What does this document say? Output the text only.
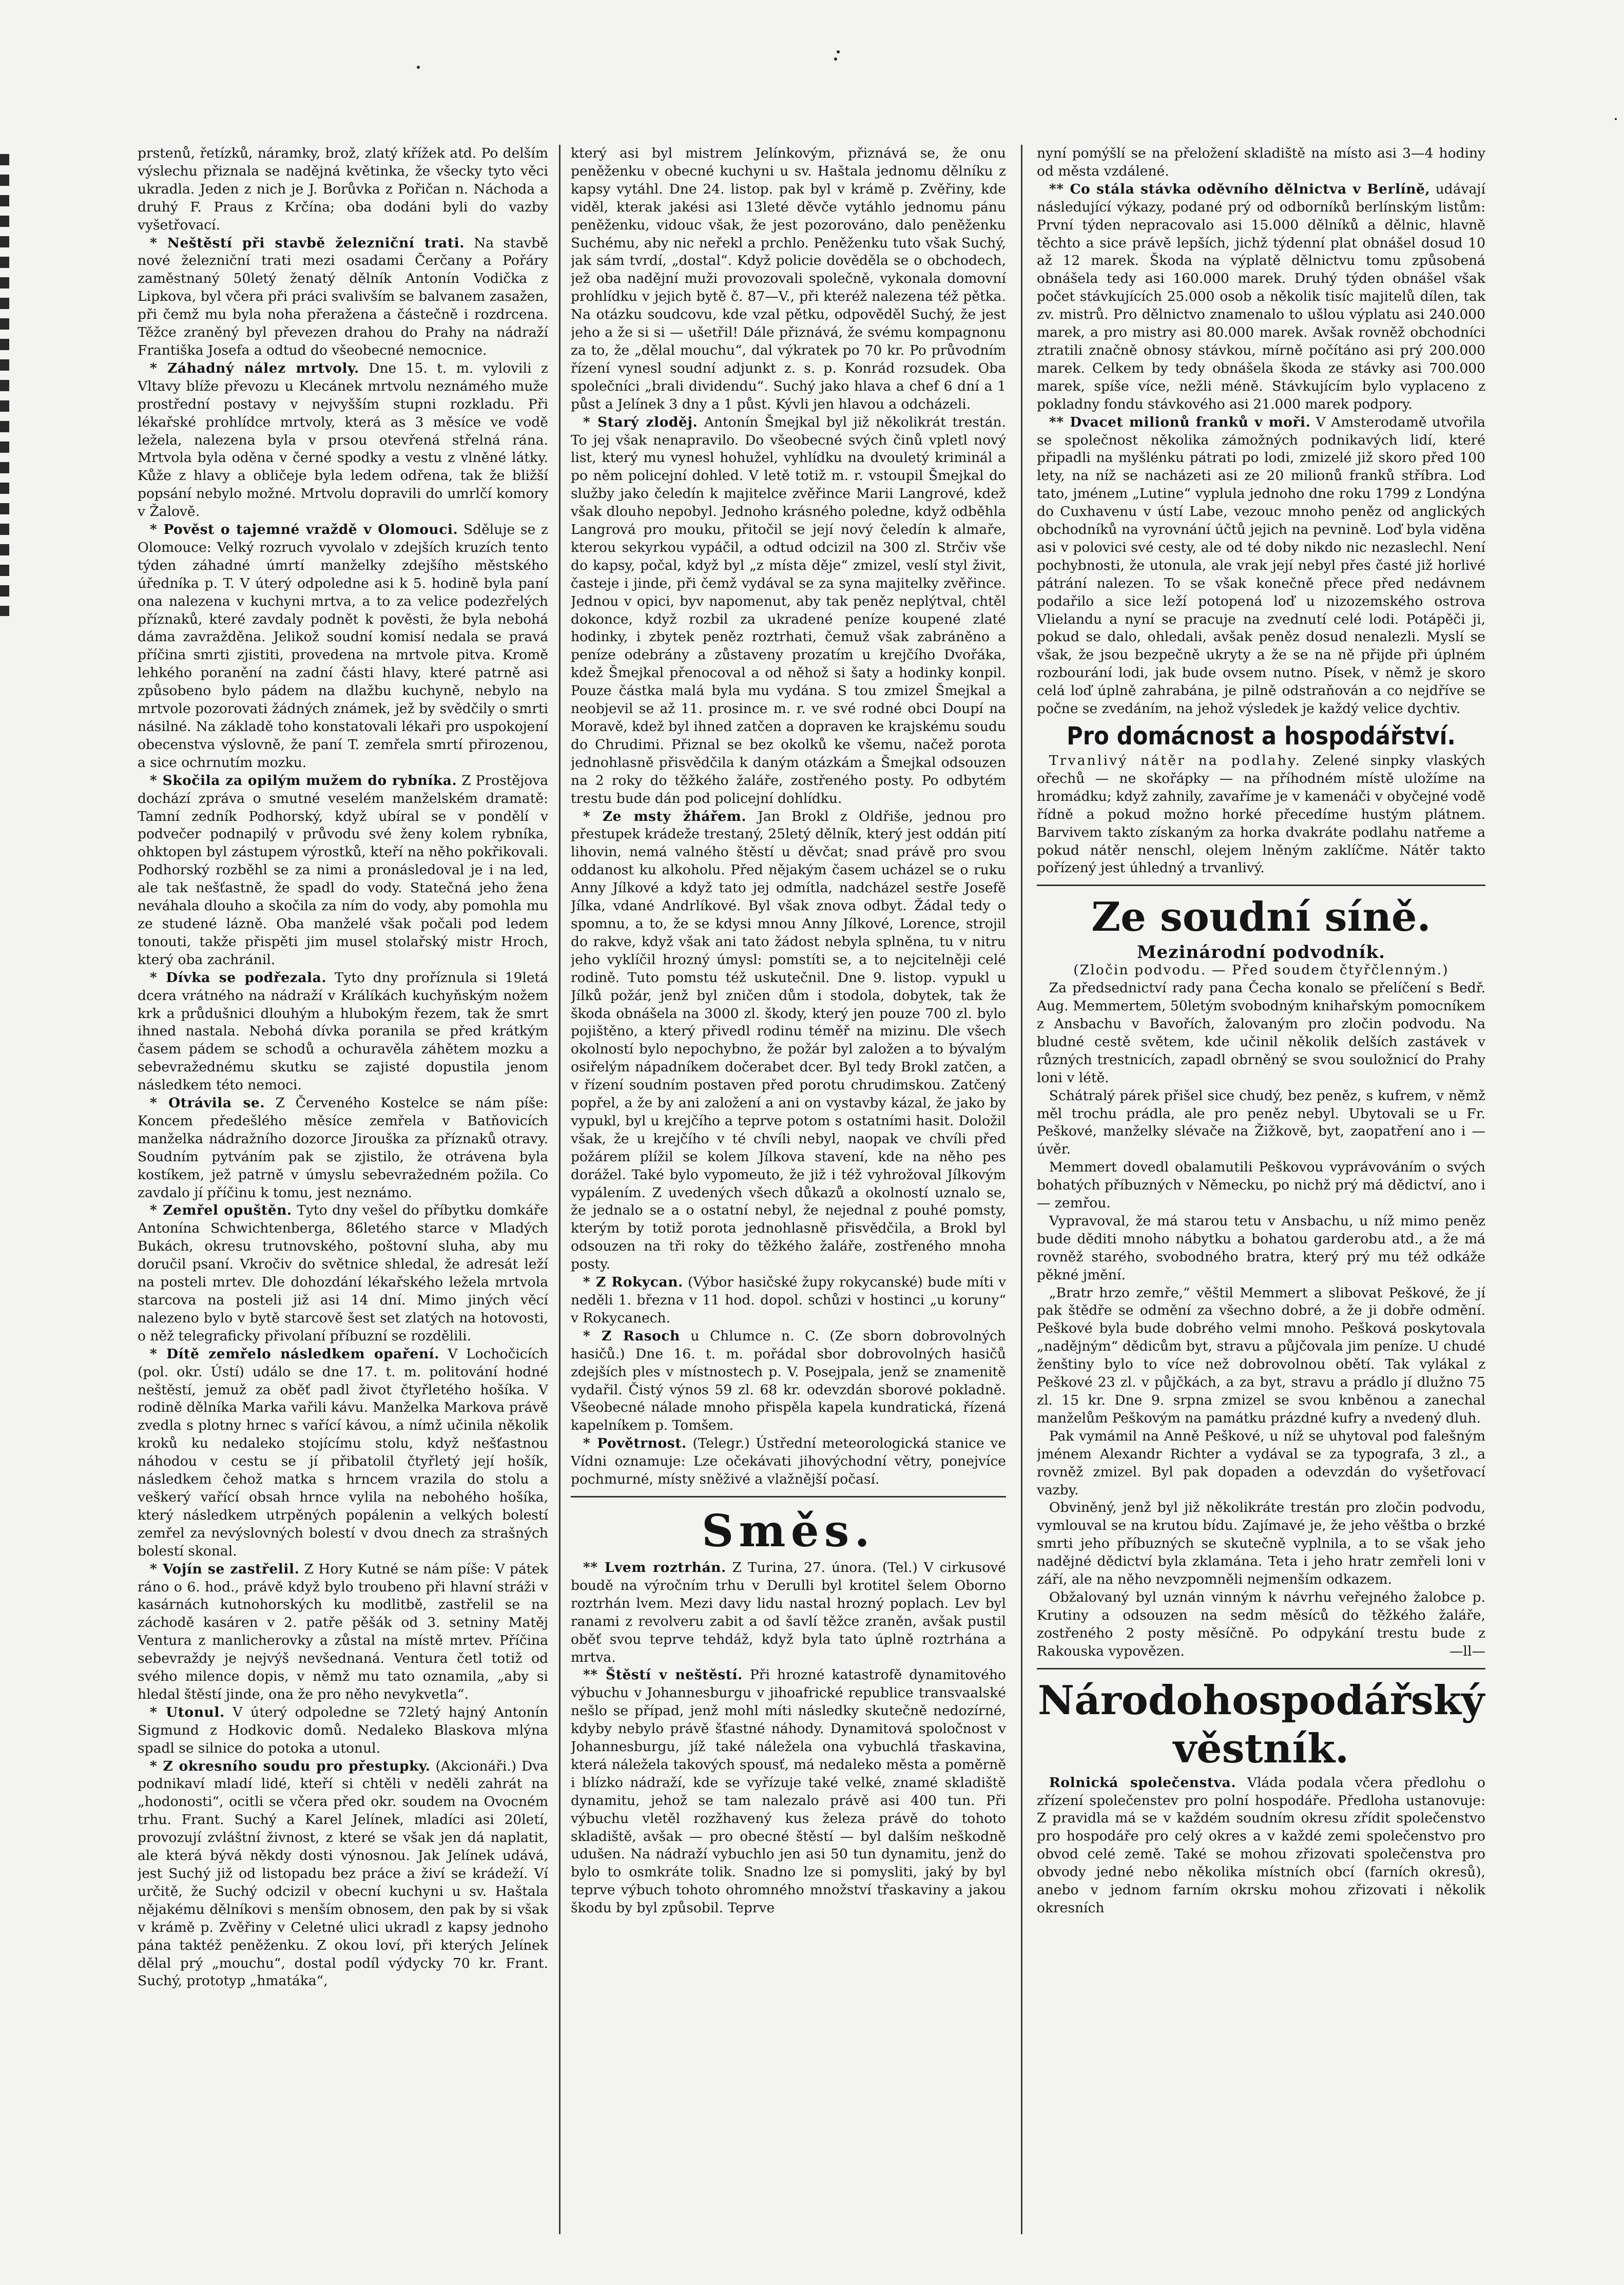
prstenů, řetízků, náramky, brož, zlatý křížek atd. Po delším výslechu přiznala se nadějná květinka, že všecky tyto věci ukradla. Jeden z nich je J. Borůvka z Pořičan n. Náchoda a druhý F. Praus z Krčína; oba dodáni byli do vazby vyšetřovací.

* Neštěstí při stavbě železniční trati. Na stavbě nové železniční trati mezi osadami Čerčany a Pořáry zaměstnaný 50letý ženatý dělník Antonín Vodička z Lipkova, byl včera při práci svalivším se balvanem zasažen, při čemž mu byla noha přeražena a částečně i rozdrcena. Těžce zraněný byl převezen drahou do Prahy na nádraží Františka Josefa a odtud do všeobecné nemocnice.

* Záhadný nález mrtvoly. Dne 15. t. m. vylovili z Vltavy blíže převozu u Klecánek mrtvolu neznámého muže prostřední postavy v nejvyšším stupni rozkladu. Při lékařské prohlídce mrtvoly, která as 3 měsíce ve vodě ležela, nalezena byla v prsou otevřená střelná rána. Mrtvola byla oděna v černé spodky a vestu z vlněné látky. Kůže z hlavy a obličeje byla ledem odřena, tak že bližší popsání nebylo možné. Mrtvolu dopravili do umrlčí komory v Žalově.

* Pověst o tajemné vraždě v Olomouci. Sděluje se z Olomouce: Velký rozruch vyvolalo v zdejších kruzích tento týden záhadné úmrtí manželky zdejšího městského úředníka p. T. V úterý odpoledne asi k 5. hodině byla paní ona nalezena v kuchyni mrtva, a to za velice podezřelých příznaků, které zavdaly podnět k pověsti, že byla nebohá dáma zavražděna. Jelikož soudní komisí nedala se pravá příčina smrti zjistiti, provedena na mrtvole pitva. Kromě lehkého poranění na zadní části hlavy, které patrně asi způsobeno bylo pádem na dlažbu kuchyně, nebylo na mrtvole pozorovati žádných známek, jež by svědčily o smrti násilné. Na základě toho konstatovali lékaři pro uspokojení obecenstva výslovně, že paní T. zemřela smrtí přirozenou, a sice ochrnutím mozku.

* Skočila za opilým mužem do rybníka. Z Prostějova dochází zpráva o smutné veselém manželském dramatě: Tamní zedník Podhorský, když ubíral se v pondělí v podvečer podnapilý v průvodu své ženy kolem rybníka, ohktopen byl zástupem výrostků, kteří na něho pokřikovali. Podhorský rozběhl se za nimi a pronásledoval je i na led, ale tak nešťastně, že spadl do vody. Statečná jeho žena neváhala dlouho a skočila za ním do vody, aby pomohla mu ze studené lázně. Oba manželé však počali pod ledem tonouti, takže přispěti jim musel stolařský mistr Hroch, který oba zachránil.

* Dívka se podřezala. Tyto dny proříznula si 19letá dcera vrátného na nádraží v Králíkách kuchyňským nožem krk a průdušnici dlouhým a hlubokým řezem, tak že smrt ihned nastala. Nebohá dívka poranila se před krátkým časem pádem se schodů a ochuravěla záhětem mozku a sebevražednému skutku se zajisté dopustila jenom následkem této nemoci.

* Otrávila se. Z Červeného Kostelce se nám píše: Koncem předešlého měsíce zemřela v Batňovicích manželka nádražního dozorce Jirouška za příznaků otravy. Soudním pytváním pak se zjistilo, že otrávena byla kostíkem, jež patrně v úmyslu sebevražedném požila. Co zavdalo jí příčinu k tomu, jest neznámo.

* Zemřel opuštěn. Tyto dny vešel do příbytku domkáře Antonína Schwichtenberga, 86letého starce v Mladých Bukách, okresu trutnovského, poštovní sluha, aby mu doručil psaní. Vkročiv do světnice shledal, že adresát leží na posteli mrtev. Dle dohozdání lékařského ležela mrtvola starcova na posteli již asi 14 dní. Mimo jiných věcí nalezeno bylo v bytě starcově šest set zlatých na hotovosti, o něž telegraficky přivolaní příbuzní se rozdělili.

* Dítě zemřelo následkem opaření. V Lochočicích (pol. okr. Ústí) událo se dne 17. t. m. politování hodné neštěstí, jemuž za oběť padl život čtyřletého hošíka. V rodině dělníka Marka vařili kávu. Manželka Markova právě zvedla s plotny hrnec s vařící kávou, a nímž učinila několik kroků ku nedaleko stojícímu stolu, když nešťastnou náhodou v cestu se jí přibatolil čtyřletý její hošík, následkem čehož matka s hrncem vrazila do stolu a veškerý vařící obsah hrnce vylila na nebohého hošíka, který následkem utrpěných popálenin a velkých bolestí zemřel za nevýslovných bolestí v dvou dnech za strašných bolestí skonal.

* Vojín se zastřelil. Z Hory Kutné se nám píše: V pátek ráno o 6. hod., právě když bylo troubeno při hlavní stráži v kasárnách kutnohorských ku modlitbě, zastřelil se na záchodě kasáren v 2. patře pěšák od 3. setniny Matěj Ventura z manlicherovky a zůstal na místě mrtev. Příčina sebevraždy je nejvýš nevšednaná. Ventura četl totiž od svého milence dopis, v němž mu tato oznamila, „aby si hledal štěstí jinde, ona že pro něho nevykvetla“.

* Utonul. V úterý odpoledne se 72letý hajný Antonín Sigmund z Hodkovic domů. Nedaleko Blaskova mlýna spadl se silnice do potoka a utonul.

* Z okresního soudu pro přestupky. (Akcionáři.) Dva podnikaví mladí lidé, kteří si chtěli v neděli zahrát na „hodonosti“, ocitli se včera před okr. soudem na Ovocném trhu. Frant. Suchý a Karel Jelínek, mladíci asi 20letí, provozují zvláštní živnost, z které se však jen dá naplatit, ale která bývá někdy dosti výnosnou. Jak Jelínek udává, jest Suchý již od listopadu bez práce a živí se krádeží. Ví určitě, že Suchý odcizil v obecní kuchyni u sv. Haštala nějakému dělníkovi s menším obnosem, den pak by si však v krámě p. Zvěřiny v Celetné ulici ukradl z kapsy jednoho pána taktéž peněženku. Z okou loví, při kterých Jelínek dělal prý „mouchu“, dostal podíl výdycky 70 kr. Frant. Suchý, prototyp „hmatáka“,

který asi byl mistrem Jelínkovým, přiznává se, že onu peněženku v obecné kuchyni u sv. Haštala jednomu dělníku z kapsy vytáhl. Dne 24. listop. pak byl v krámě p. Zvěřiny, kde viděl, kterak jakési asi 13leté děvče vytáhlo jednomu pánu peněženku, vidouc však, že jest pozorováno, dalo peněženku Suchému, aby nic neřekl a prchlo. Peněženku tuto však Suchý, jak sám tvrdí, „dostal“. Když policie dověděla se o obchodech, jež oba nadějní muži provozovali společně, vykonala domovní prohlídku v jejich bytě č. 87—V., při kteréž nalezena též pětka. Na otázku soudcovu, kde vzal pětku, odpověděl Suchý, že jest jeho a že si si — ušetřil! Dále přiznává, že svému kompagnonu za to, že „dělal mouchu“, dal výkratek po 70 kr. Po průvodním řízení vynesl soudní adjunkt z. s. p. Konrád rozsudek. Oba společníci „brali dividendu“. Suchý jako hlava a chef 6 dní a 1 půst a Jelínek 3 dny a 1 půst. Kývli jen hlavou a odcházeli.

* Starý zloděj. Antonín Šmejkal byl již několikrát trestán. To jej však nenapravilo. Do všeobecné svých činů vpletl nový list, který mu vynesl hohužel, vyhlídku na dvouletý kriminál a po něm policejní dohled. V letě totiž m. r. vstoupil Šmejkal do služby jako čeledín k majitelce zvěřince Marii Langrové, kdež však dlouho nepobyl. Jednoho krásného poledne, když odběhla Langrová pro mouku, přitočil se její nový čeledín k almaře, kterou sekyrkou vypáčil, a odtud odcizil na 300 zl. Strčiv vše do kapsy, počal, když byl „z místa děje“ zmizel, veslí styl živit, časteje i jinde, při čemž vydával se za syna majitelky zvěřince. Jednou v opici, byv napomenut, aby tak peněz neplýtval, chtěl dokonce, když rozbil za ukradené peníze koupené zlaté hodinky, i zbytek peněz roztrhati, čemuž však zabráněno a peníze odebrány a zůstaveny prozatím u krejčího Dvořáka, kdež Šmejkal přenocoval a od něhož si šaty a hodinky konpil. Pouze částka malá byla mu vydána. S tou zmizel Šmejkal a neobjevil se až 11. prosince m. r. ve své rodné obci Doupí na Moravě, kdež byl ihned zatčen a dopraven ke krajskému soudu do Chrudimi. Přiznal se bez okolků ke všemu, načež porota jednohlasně přisvědčila k daným otázkám a Šmejkal odsouzen na 2 roky do těžkého žaláře, zostřeného posty. Po odbytém trestu bude dán pod policejní dohlídku.

* Ze msty žhářem. Jan Brokl z Oldřiše, jednou pro přestupek krádeže trestaný, 25letý dělník, který jest oddán pití lihovin, nemá valného štěstí u děvčat; snad právě pro svou oddanost ku alkoholu. Před nějakým časem ucházel se o ruku Anny Jílkové a když tato jej odmítla, nadcházel sestře Josefě Jílka, vdané Andrlíkové. Byl však znova odbyt. Žádal tedy o spomnu, a to, že se kdysi mnou Anny Jílkové, Lorence, strojil do rakve, když však ani tato žádost nebyla splněna, tu v nitru jeho vyklíčil hrozný úmysl: pomstíti se, a to nejcitelněji celé rodině. Tuto pomstu též uskutečnil. Dne 9. listop. vypukl u Jílků požár, jenž byl zničen dům i stodola, dobytek, tak že škoda obnášela na 3000 zl. škody, který jen pouze 700 zl. bylo pojištěno, a který přivedl rodinu téměř na mizinu. Dle všech okolností bylo nepochybno, že požár byl založen a to bývalým osiřelým nápadníkem dočerabet dcer. Byl tedy Brokl zatčen, a v řízení soudním postaven před porotu chrudimskou. Zatčený popřel, a že by ani založení a ani on vystavby kázal, že jako by vypukl, byl u krejčího a teprve potom s ostatními hasit. Doložil však, že u krejčího v té chvíli nebyl, naopak ve chvíli před požárem plížil se kolem Jílkova stavení, kde na něho pes dorážel. Také bylo vypomeuto, že již i též vyhrožoval Jílkovým vypálením. Z uvedených všech důkazů a okolností uznalo se, že jednalo se a o ostatní nebyl, že nejednal z pouhé pomsty, kterým by totiž porota jednohlasně přisvědčila, a Brokl byl odsouzen na tři roky do těžkého žaláře, zostřeného mnoha posty.

* Z Rokycan. (Výbor hasičské župy rokycanské) bude míti v neděli 1. března v 11 hod. dopol. schůzi v hostinci „u koruny“ v Rokycanech.

* Z Rasoch u Chlumce n. C. (Ze sborn dobrovolných hasičů.) Dne 16. t. m. pořádal sbor dobrovolných hasičů zdejších ples v místnostech p. V. Posejpala, jenž se znamenitě vydařil. Čistý výnos 59 zl. 68 kr. odevzdán sborové pokladně. Všeobecné nálade mnoho přispěla kapela kundratická, řízená kapelníkem p. Tomšem.

* Povětrnost. (Telegr.) Ústřední meteorologická stanice ve Vídni oznamuje: Lze očekávati jihovýchodní větry, ponejvíce pochmurné, místy sněživé a vlažnější počasí.

Směs.

** Lvem roztrhán. Z Turina, 27. února. (Tel.) V cirkusové boudě na výročním trhu v Derulli byl krotitel šelem Oborno roztrhán lvem. Mezi davy lidu nastal hrozný poplach. Lev byl ranami z revolveru zabit a od šavlí těžce zraněn, avšak pustil oběť svou teprve tehdáž, když byla tato úplně roztrhána a mrtva.

** Štěstí v neštěstí. Při hrozné katastrofě dynamitového výbuchu v Johannesburgu v jihoafrické republice transvaalské nešlo se případ, jenž mohl míti následky skutečně nedozírné, kdyby nebylo právě šťastné náhody. Dynamitová spoločnost v Johannesburgu, jíž také náležela ona vybuchlá třaskavina, která náležela takových spousť, má nedaleko města a poměrně i blízko nádraží, kde se vyřízuje také velké, znamé skladiště dynamitu, jehož se tam nalezalo právě asi 400 tun. Při výbuchu vletěl rozžhavený kus železa právě do tohoto skladiště, avšak — pro obecné štěstí — byl dalším neškodně udušen. Na nádraží vybuchlo jen asi 50 tun dynamitu, jenž do bylo to osmkráte tolik. Snadno lze si pomysliti, jaký by byl teprve výbuch tohoto ohromného množství třaskaviny a jakou škodu by byl způsobil. Teprve

nyní pomýšlí se na přeložení skladiště na místo asi 3—4 hodiny od města vzdálené.

** Co stála stávka oděvního dělnictva v Berlíně, udávají následující výkazy, podané prý od odborníků berlínským listům: První týden nepracovalo asi 15.000 dělníků a dělnic, hlavně těchto a sice právě lepších, jichž týdenní plat obnášel dosud 10 až 12 marek. Škoda na výplatě dělnictvu tomu způsobená obnášela tedy asi 160.000 marek. Druhý týden obnášel však počet stávkujících 25.000 osob a několik tisíc majitelů dílen, tak zv. mistrů. Pro dělnictvo znamenalo to ušlou výplatu asi 240.000 marek, a pro mistry asi 80.000 marek. Avšak rovněž obchodníci ztratili značně obnosy stávkou, mírně počítáno asi prý 200.000 marek. Celkem by tedy obnášela škoda ze stávky asi 700.000 marek, spíše více, nežli méně. Stávkujícím bylo vyplaceno z pokladny fondu stávkového asi 21.000 marek podpory.

** Dvacet milionů franků v moři. V Amsterodamě utvořila se společnost několika zámožných podnikavých lidí, které připadli na myšlénku pátrati po lodi, zmizelé již skoro před 100 lety, na níž se nacházeti asi ze 20 milionů franků stříbra. Loď tato, jménem „Lutine“ vyplula jednoho dne roku 1799 z Londýna do Cuxhavenu v ústí Labe, vezouc mnoho peněz od anglických obchodníků na vyrovnání účtů jejich na pevnině. Loď byla viděna asi v polovici své cesty, ale od té doby nikdo nic nezaslechl. Není pochybnosti, že utonula, ale vrak její nebyl přes časté již horlivé pátrání nalezen. To se však konečně přece před nedávnem podařilo a sice leží potopená loď u nizozemského ostrova Vlielandu a nyní se pracuje na zvednutí celé lodi. Potápěči ji, pokud se dalo, ohledali, avšak peněz dosud nenalezli. Myslí se však, že jsou bezpečně ukryty a že se na ně přijde při úplném rozbourání lodi, jak bude ovsem nutno. Písek, v němž je skoro celá loď úplně zahrabána, je pilně odstraňován a co nejdříve se počne se zvedáním, na jehož výsledek je každý velice dychtiv.

Pro domácnost a hospodářství.

Trvanlivý nátěr na podlahy. Zelené sinpky vlaských ořechů — ne skořápky — na příhodném místě uložíme na hromádku; když zahnily, zavaříme je v kamenáči v obyčejné vodě řídně a pokud možno horké přecedíme hustým plátnem. Barvivem takto získaným za horka dvakráte podlahu natřeme a pokud nátěr nenschl, olejem lněným zaklíčme. Nátěr takto pořízený jest úhledný a trvanlivý.

Ze soudní síně.
Mezinárodní podvodník.
(Zločin podvodu. — Před soudem čtyřčlenným.)

Za předsednictví rady pana Čecha konalo se přelíčení s Bedř. Aug. Memmertem, 50letým svobodným knihařským pomocníkem z Ansbachu v Bavořích, žalovaným pro zločin podvodu. Na bludné cestě světem, kde učinil několik delších zastávek v různých trestnicích, zapadl obrněný se svou souložnicí do Prahy loni v létě.

Schátralý párek přišel sice chudý, bez peněz, s kufrem, v němž měl trochu prádla, ale pro peněz nebyl. Ubytovali se u Fr. Peškové, manželky slévače na Žižkově, byt, zaopatření ano i — úvěr.

Memmert dovedl obalamutili Peškovou vyprávováním o svých bohatých příbuzných v Německu, po nichž prý má dědictví, ano i — zemřou.

Vypravoval, že má starou tetu v Ansbachu, u níž mimo peněz bude děditi mnoho nábytku a bohatou garderobu atd., a že má rovněž starého, svobodného bratra, který prý mu též odkáže pěkné jmění.

„Bratr hrzo zemře,“ věštil Memmert a slibovat Peškové, že jí pak štědře se odmění za všechno dobré, a že ji dobře odmění. Peškové byla bude dobrého velmi mnoho. Pešková poskytovala „nadějným“ dědicům byt, stravu a půjčovala jim peníze. U chudé ženštiny bylo to více než dobrovolnou obětí. Tak vylákal z Peškové 23 zl. v půjčkách, a za byt, stravu a prádlo jí dlužno 75 zl. 15 kr. Dne 9. srpna zmizel se svou knběnou a zanechal manželům Peškovým na památku prázdné kufry a nvedený dluh.

Pak vymámil na Anně Peškové, u níž se uhytoval pod falešným jménem Alexandr Richter a vydával se za typografa, 3 zl., a rovněž zmizel. Byl pak dopaden a odevzdán do vyšetřovací vazby.

Obviněný, jenž byl již několikráte trestán pro zločin podvodu, vymlouval se na krutou bídu. Zajímavé je, že jeho věštba o brzké smrti jeho příbuzných se skutečně vyplnila, a to se však jeho nadějné dědictví byla zklamána. Teta i jeho hratr zemřeli loni v září, ale na něho nevzpomněli nejmenším odkazem.

Obžalovaný byl uznán vinným k návrhu veřejného žalobce p. Krutiny a odsouzen na sedm měsíců do těžkého žaláře, zostřeného 2 posty měsíčně. Po odpykání trestu bude z Rakouska vypovězen.	—ll—

Národohospodářský věstník.

Rolnická společenstva. Vláda podala včera předlohu o zřízení společenstev pro polní hospodáře. Předloha ustanovuje: Z pravidla má se v každém soudním okresu zřídit společenstvo pro hospodáře pro celý okres a v každé zemi společenstvo pro obvod celé země. Také se mohou zřizovati společenstva pro obvody jedné nebo několika místních obcí (farních okresů), anebo v jednom farním okrsku mohou zřizovati i několik okresních
